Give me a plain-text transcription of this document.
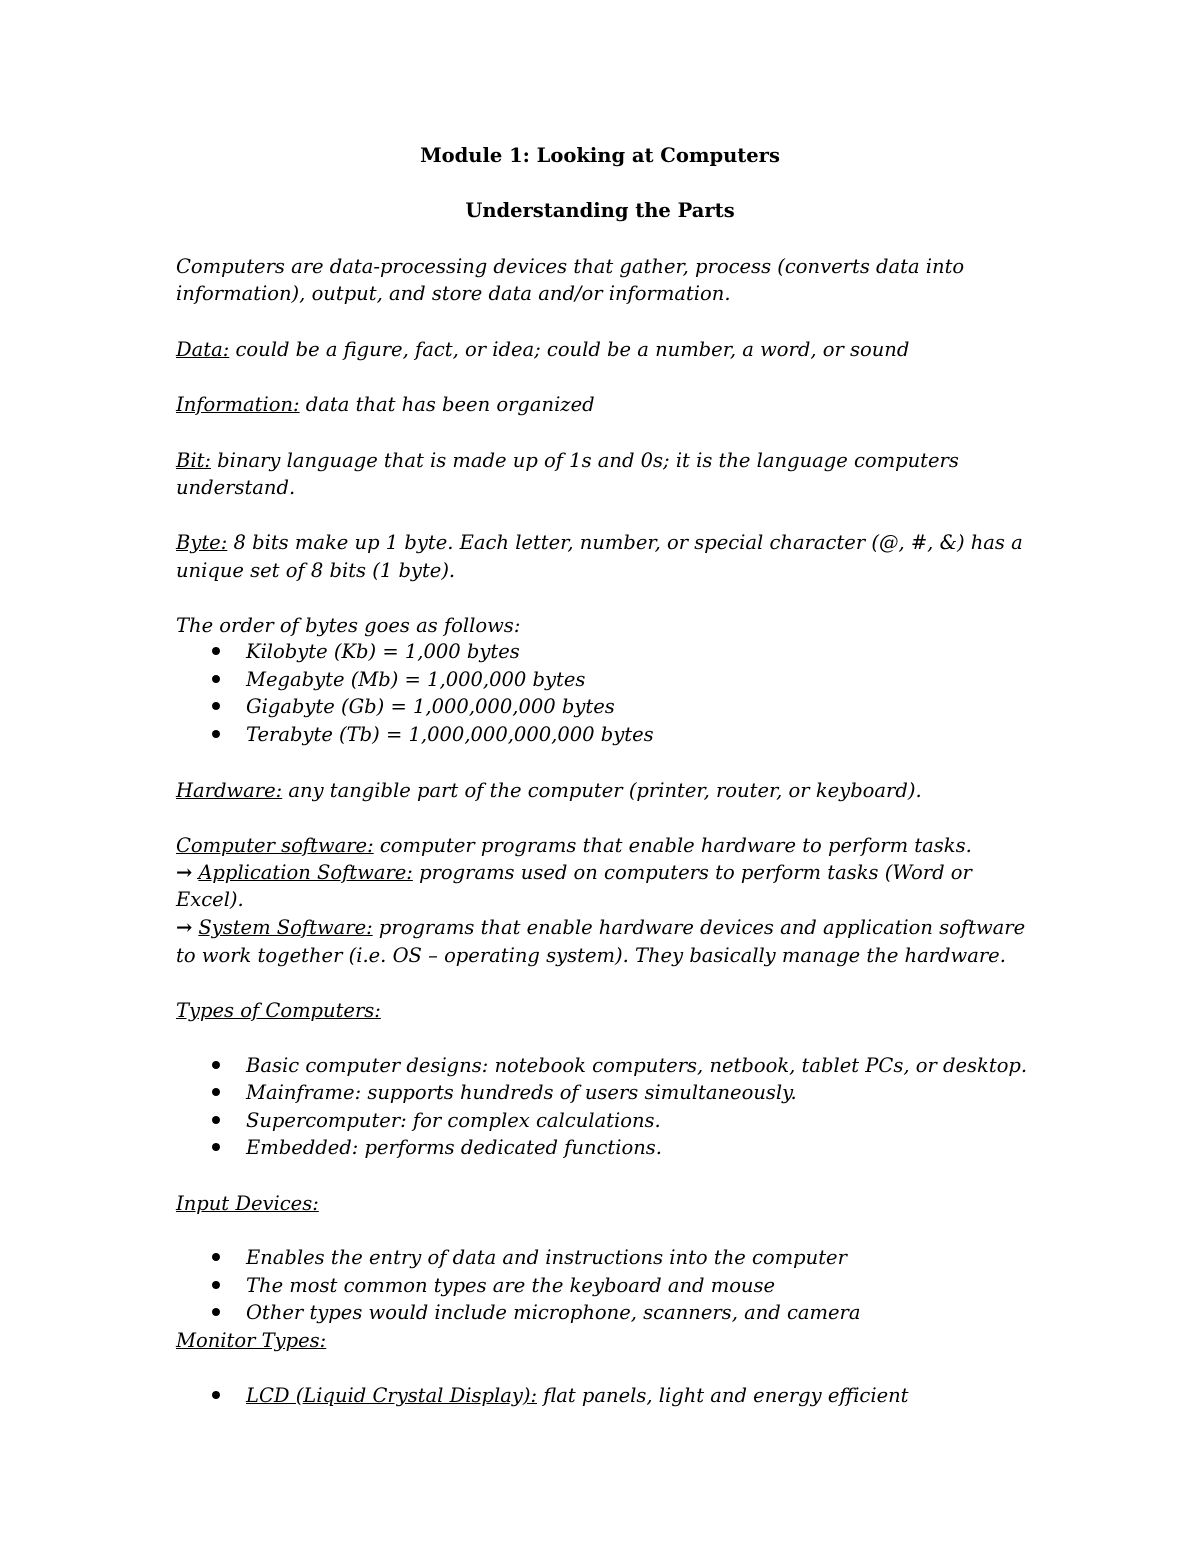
Module 1: Looking at Computers

Understanding the Parts

Computers are data-processing devices that gather, process (converts data into

information), output, and store data and/or information.

Data: could be a figure, fact, or idea; could be a number, a word, or sound

Information: data that has been organized

Bit: binary language that is made up of 1s and 0s; it is the language computers

understand.

Byte: 8 bits make up 1 byte. Each letter, number, or special character (@, #, &) has a

unique set of 8 bits (1 byte).

The order of bytes goes as follows:

Kilobyte (Kb) = 1,000 bytes

Megabyte (Mb) = 1,000,000 bytes

Gigabyte (Gb) = 1,000,000,000 bytes

Terabyte (Tb) = 1,000,000,000,000 bytes

Hardware: any tangible part of the computer (printer, router, or keyboard).

Computer software: computer programs that enable hardware to perform tasks.

→ Application Software: programs used on computers to perform tasks (Word or

Excel).

→ System Software: programs that enable hardware devices and application software

to work together (i.e. OS – operating system). They basically manage the hardware.

Types of Computers:

Basic computer designs: notebook computers, netbook, tablet PCs, or desktop.

Mainframe: supports hundreds of users simultaneously.

Supercomputer: for complex calculations.

Embedded: performs dedicated functions.

Input Devices:

Enables the entry of data and instructions into the computer

The most common types are the keyboard and mouse

Other types would include microphone, scanners, and camera

Monitor Types:

LCD (Liquid Crystal Display): flat panels, light and energy efficient
